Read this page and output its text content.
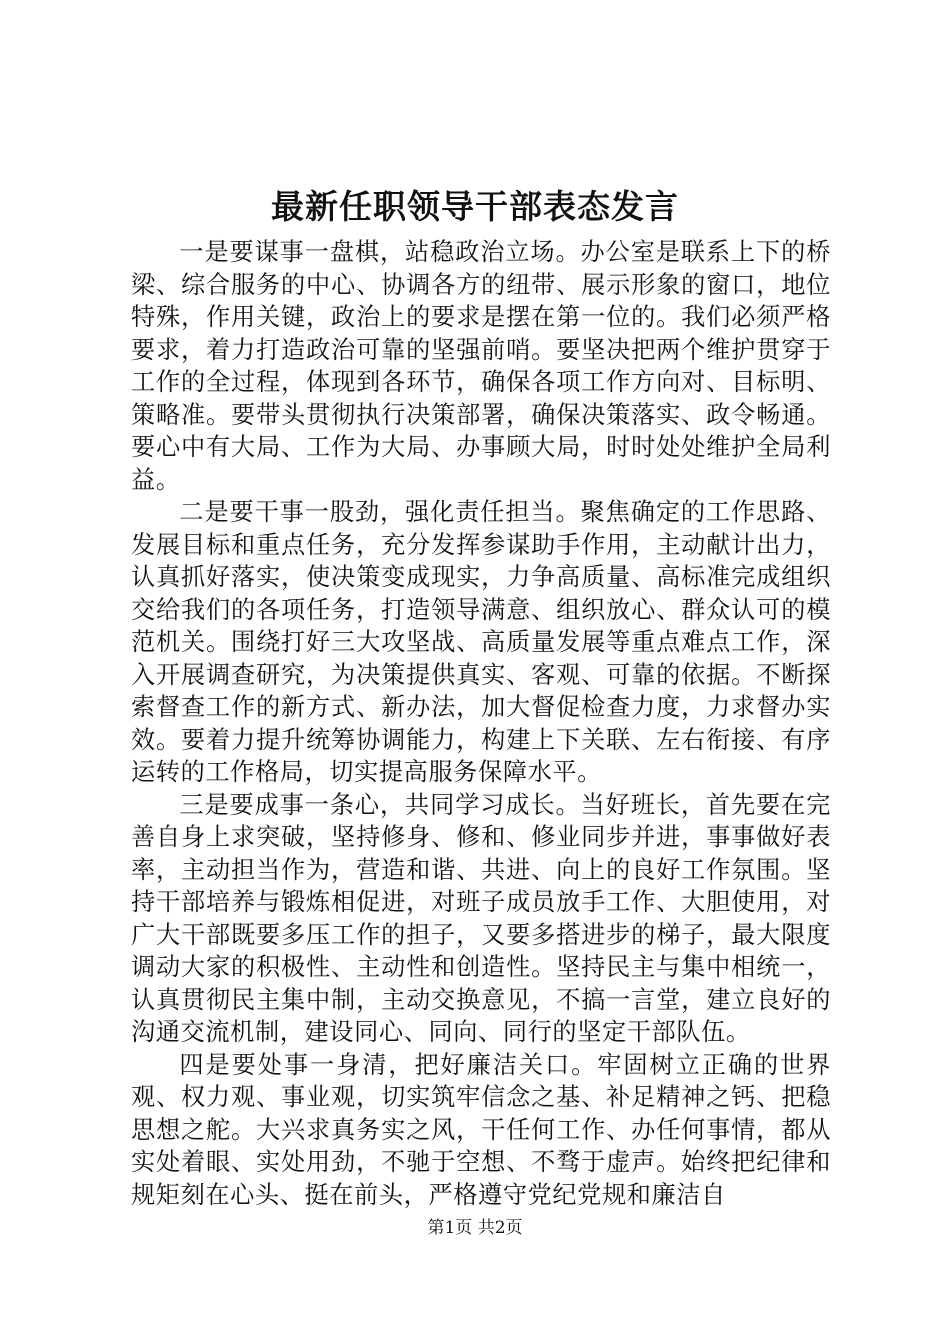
最新任职领导干部表态发言

一是要谋事一盘棋，站稳政治立场。办公室是联系上下的桥梁、综合服务的中心、协调各方的纽带、展示形象的窗口，地位特殊，作用关键，政治上的要求是摆在第一位的。我们必须严格要求，着力打造政治可靠的坚强前哨。要坚决把两个维护贯穿于工作的全过程，体现到各环节，确保各项工作方向对、目标明、策略准。要带头贯彻执行决策部署，确保决策落实、政令畅通。要心中有大局、工作为大局、办事顾大局，时时处处维护全局利益。

二是要干事一股劲，强化责任担当。聚焦确定的工作思路、发展目标和重点任务，充分发挥参谋助手作用，主动献计出力，认真抓好落实，使决策变成现实，力争高质量、高标准完成组织交给我们的各项任务，打造领导满意、组织放心、群众认可的模范机关。围绕打好三大攻坚战、高质量发展等重点难点工作，深入开展调查研究，为决策提供真实、客观、可靠的依据。不断探索督查工作的新方式、新办法，加大督促检查力度，力求督办实效。要着力提升统筹协调能力，构建上下关联、左右衔接、有序运转的工作格局，切实提高服务保障水平。

三是要成事一条心，共同学习成长。当好班长，首先要在完善自身上求突破，坚持修身、修和、修业同步并进，事事做好表率，主动担当作为，营造和谐、共进、向上的良好工作氛围。坚持干部培养与锻炼相促进，对班子成员放手工作、大胆使用，对广大干部既要多压工作的担子，又要多搭进步的梯子，最大限度调动大家的积极性、主动性和创造性。坚持民主与集中相统一，认真贯彻民主集中制，主动交换意见，不搞一言堂，建立良好的沟通交流机制，建设同心、同向、同行的坚定干部队伍。

四是要处事一身清，把好廉洁关口。牢固树立正确的世界观、权力观、事业观，切实筑牢信念之基、补足精神之钙、把稳思想之舵。大兴求真务实之风，干任何工作、办任何事情，都从实处着眼、实处用劲，不驰于空想、不骛于虚声。始终把纪律和规矩刻在心头、挺在前头，严格遵守党纪党规和廉洁自

第1页 共2页
